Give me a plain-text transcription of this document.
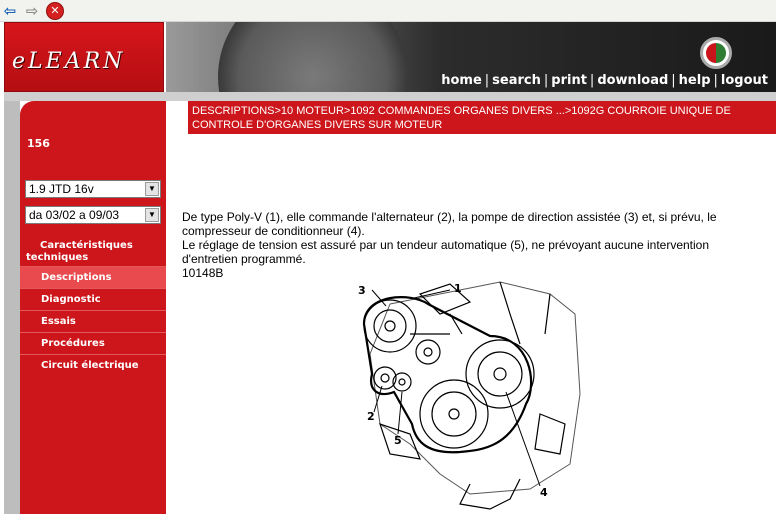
⇦ ⇨	✕
eLEARN
home | search | print | download | help | logout
DESCRIPTIONS>10 MOTEUR>1092 COMMANDES ORGANES DIVERS ...>1092G COURROIE UNIQUE DE CONTROLE D'ORGANES DIVERS SUR MOTEUR
156
1.9 JTD 16v	▼
da 03/02 a 09/03	▼
Caractéristiques techniques
Descriptions
Diagnostic
Essais
Procédures
Circuit électrique

De type Poly-V (1), elle commande l'alternateur (2), la pompe de direction assistée (3) et, si prévu, le compresseur de conditionneur (4).

Le réglage de tension est assuré par un tendeur automatique (5), ne prévoyant aucune intervention d'entretien programmé.

10148B

1
2
3
4
5
